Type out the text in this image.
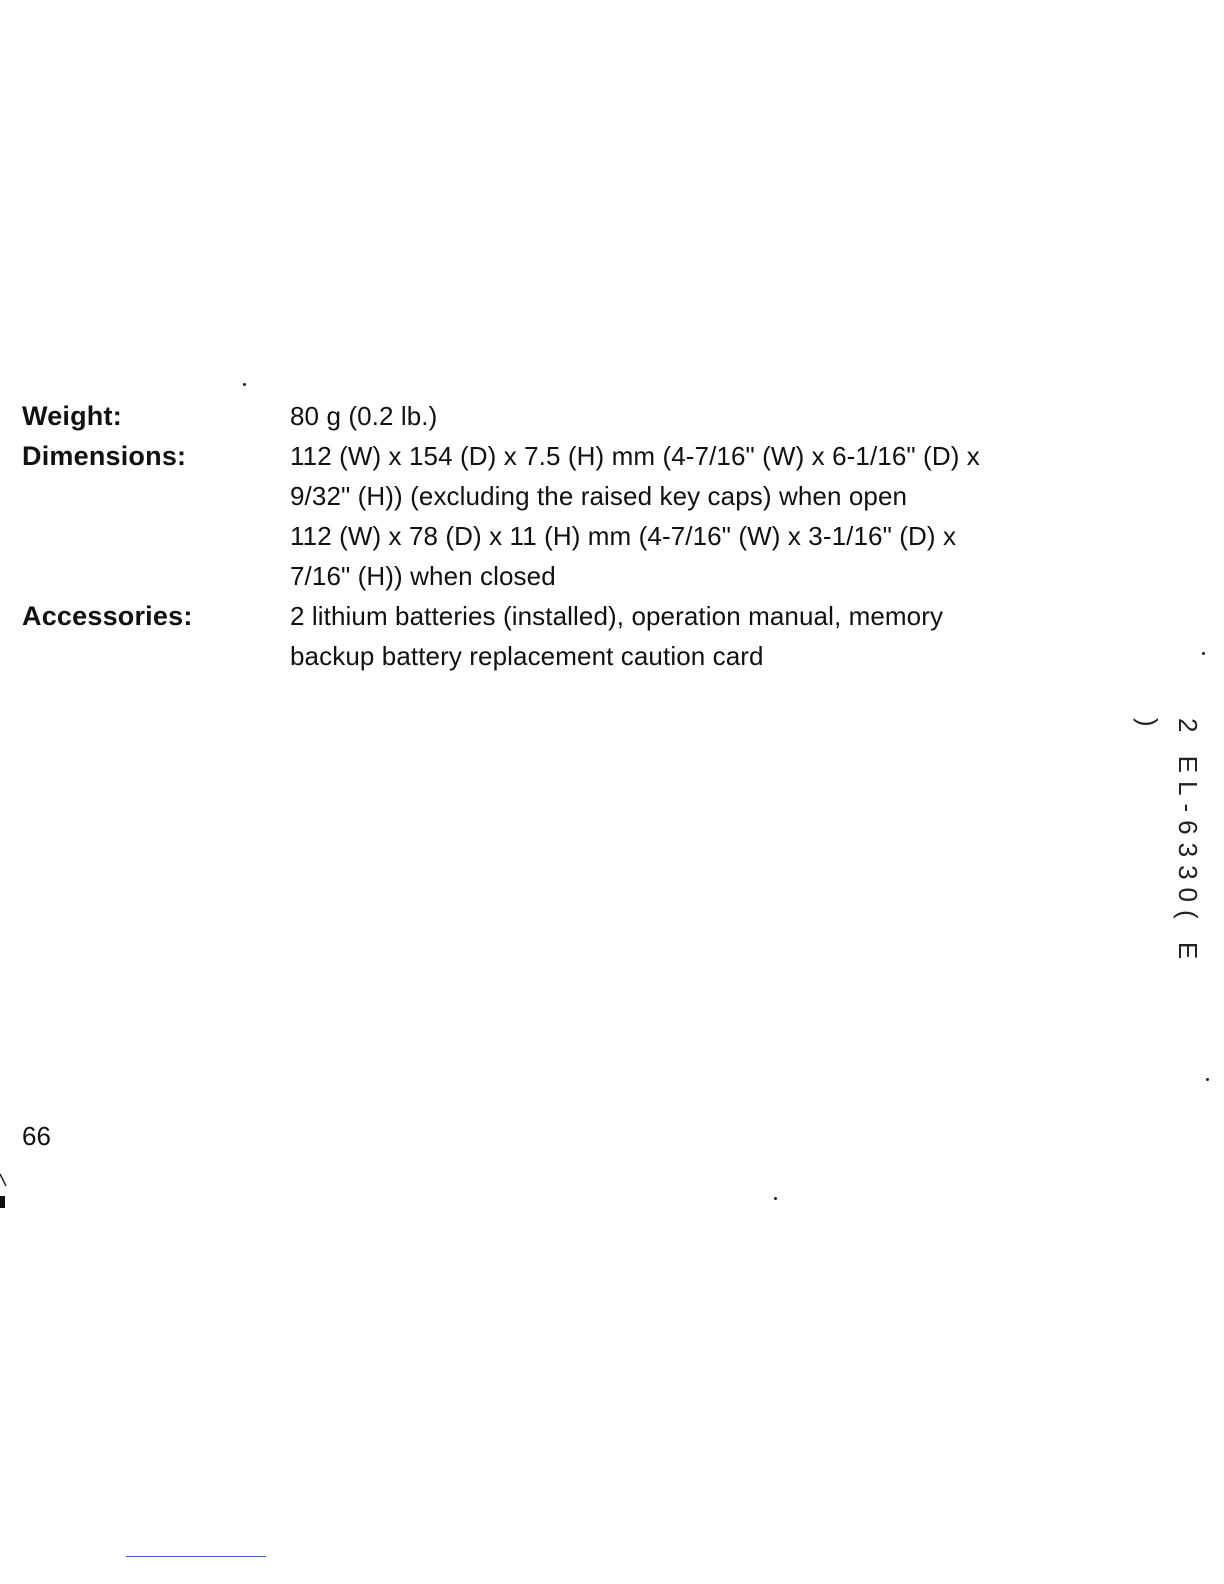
Weight:	80 g (0.2 lb.)
Dimensions:	112 (W) x 154 (D) x 7.5 (H) mm (4-7/16" (W) x 6-1/16" (D) x
9/32" (H)) (excluding the raised key caps) when open
112 (W) x 78 (D) x 11 (H) mm (4-7/16" (W) x 3-1/16" (D) x
7/16" (H)) when closed
Accessories:	2 lithium batteries (installed), operation manual, memory
backup battery replacement caution card
66
2 EL-6330( E )
